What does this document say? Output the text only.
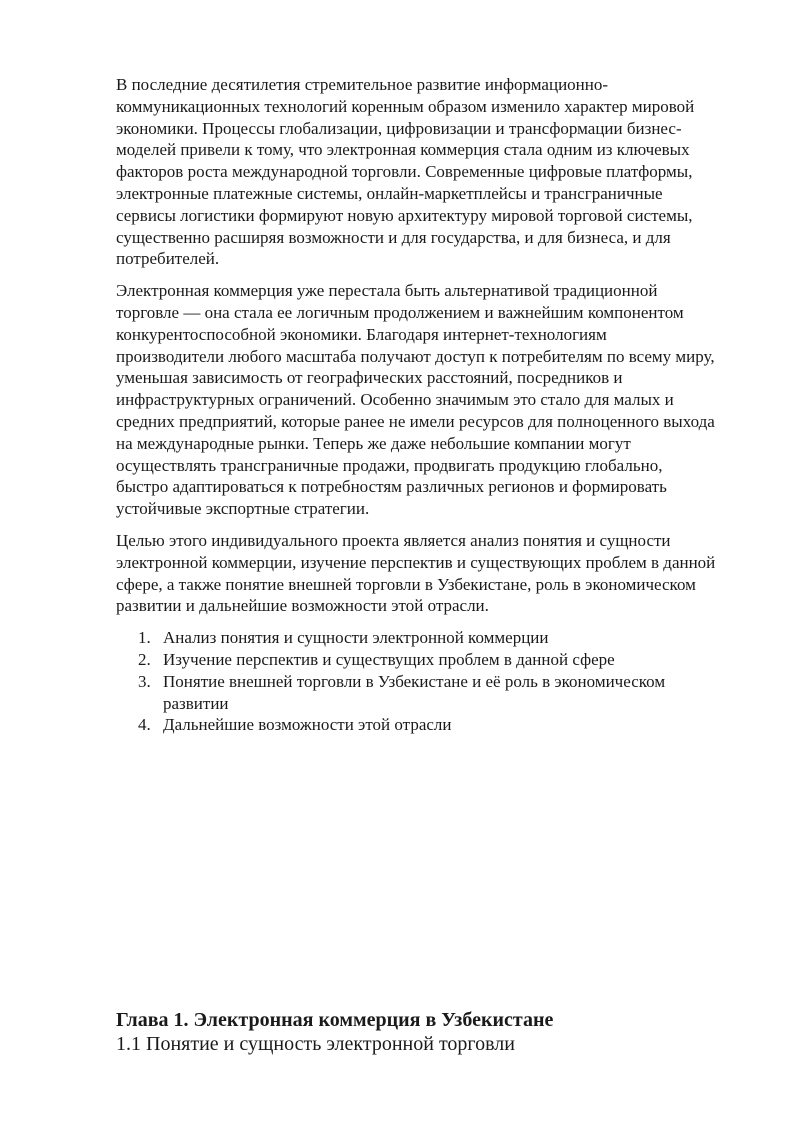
В последние десятилетия стремительное развитие информационно-коммуникационных технологий коренным образом изменило характер мировой экономики. Процессы глобализации, цифровизации и трансформации бизнес-моделей привели к тому, что электронная коммерция стала одним из ключевых факторов роста международной торговли. Современные цифровые платформы, электронные платежные системы, онлайн-маркетплейсы и трансграничные сервисы логистики формируют новую архитектуру мировой торговой системы, существенно расширяя возможности и для государства, и для бизнеса, и для потребителей.

Электронная коммерция уже перестала быть альтернативой традиционной торговле — она стала ее логичным продолжением и важнейшим компонентом конкурентоспособной экономики. Благодаря интернет-технологиям производители любого масштаба получают доступ к потребителям по всему миру, уменьшая зависимость от географических расстояний, посредников и инфраструктурных ограничений. Особенно значимым это стало для малых и средних предприятий, которые ранее не имели ресурсов для полноценного выхода на международные рынки. Теперь же даже небольшие компании могут осуществлять трансграничные продажи, продвигать продукцию глобально, быстро адаптироваться к потребностям различных регионов и формировать устойчивые экспортные стратегии.

Целью этого индивидуального проекта является анализ понятия и сущности электронной коммерции, изучение перспектив и существующих проблем в данной сфере, а также понятие внешней торговли в Узбекистане, роль в экономическом развитии и дальнейшие возможности этой отрасли.

Анализ понятия и сущности электронной коммерции
Изучение перспектив и существущих проблем в данной сфере
Понятие внешней торговли в Узбекистане и её роль в экономическом развитии
Дальнейшие возможности этой отрасли
Глава 1. Электронная коммерция в Узбекистане
1.1 Понятие и сущность электронной торговли
